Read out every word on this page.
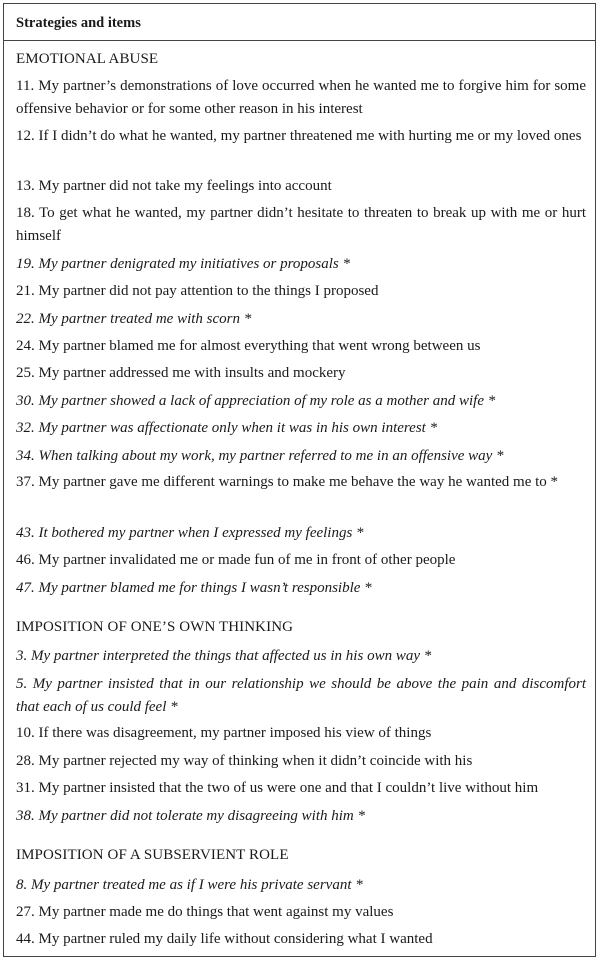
Strategies and items
EMOTIONAL ABUSE
11. My partner’s demonstrations of love occurred when he wanted me to forgive him for some offensive behavior or for some other reason in his interest
12. If I didn’t do what he wanted, my partner threatened me with hurting me or my loved ones
13. My partner did not take my feelings into account
18. To get what he wanted, my partner didn’t hesitate to threaten to break up with me or hurt himself
19. My partner denigrated my initiatives or proposals *
21. My partner did not pay attention to the things I proposed
22. My partner treated me with scorn *
24. My partner blamed me for almost everything that went wrong between us
25. My partner addressed me with insults and mockery
30. My partner showed a lack of appreciation of my role as a mother and wife *
32. My partner was affectionate only when it was in his own interest *
34. When talking about my work, my partner referred to me in an offensive way *
37. My partner gave me different warnings to make me behave the way he wanted me to *
43. It bothered my partner when I expressed my feelings *
46. My partner invalidated me or made fun of me in front of other people
47. My partner blamed me for things I wasn’t responsible *
IMPOSITION OF ONE’S OWN THINKING
3. My partner interpreted the things that affected us in his own way *
5. My partner insisted that in our relationship we should be above the pain and discomfort that each of us could feel *
10. If there was disagreement, my partner imposed his view of things
28. My partner rejected my way of thinking when it didn’t coincide with his
31. My partner insisted that the two of us were one and that I couldn’t live without him
38. My partner did not tolerate my disagreeing with him *
IMPOSITION OF A SUBSERVIENT ROLE
8. My partner treated me as if I were his private servant *
27. My partner made me do things that went against my values
44. My partner ruled my daily life without considering what I wanted
